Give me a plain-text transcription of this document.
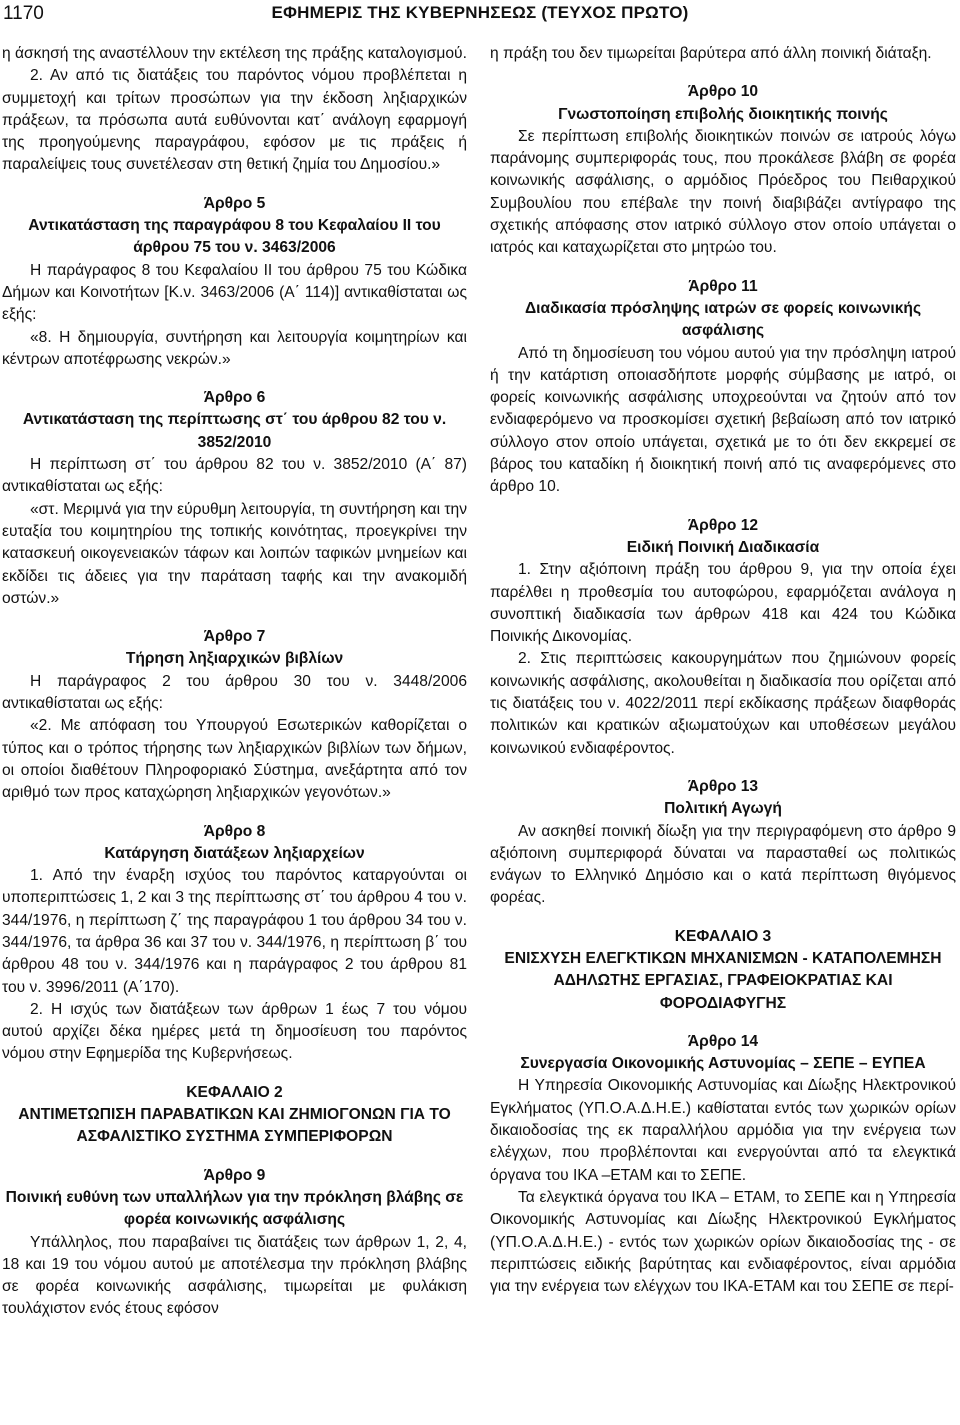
1170	ΕΦΗΜΕΡΙΣ ΤΗΣ ΚΥΒΕΡΝΗΣΕΩΣ (ΤΕΥΧΟΣ ΠΡΩΤΟ)

η άσκησή της αναστέλλουν την εκτέλεση της πράξης καταλογισμού.

2. Αν από τις διατάξεις του παρόντος νόμου προβλέπεται η συμμετοχή και τρίτων προσώπων για την έκδοση ληξιαρχικών πράξεων, τα πρόσωπα αυτά ευθύνονται κατ΄ ανάλογη εφαρμογή της προηγούμενης παραγράφου, εφόσον με τις πράξεις ή παραλείψεις τους συνετέλεσαν στη θετική ζημία του Δημοσίου.»

Άρθρο 5
Αντικατάσταση της παραγράφου 8 του Κεφαλαίου ΙΙ του άρθρου 75 του ν. 3463/2006

Η παράγραφος 8 του Κεφαλαίου ΙΙ του άρθρου 75 του Κώδικα Δήμων και Κοινοτήτων [Κ.ν. 3463/2006 (Α΄ 114)] αντικαθίσταται ως εξής:

«8. Η δημιουργία, συντήρηση και λειτουργία κοιμητηρίων και κέντρων αποτέφρωσης νεκρών.»

Άρθρο 6
Αντικατάσταση της περίπτωσης στ΄ του άρθρου 82 του ν. 3852/2010

Η περίπτωση στ΄ του άρθρου 82 του ν. 3852/2010 (Α΄ 87) αντικαθίσταται ως εξής:

«στ. Μεριμνά για την εύρυθμη λειτουργία, τη συντήρηση και την ευταξία του κοιμητηρίου της τοπικής κοινότητας, προεγκρίνει την κατασκευή οικογενειακών τάφων και λοιπών ταφικών μνημείων και εκδίδει τις άδειες για την παράταση ταφής και την ανακομιδή οστών.»

Άρθρο 7
Τήρηση ληξιαρχικών βιβλίων

Η παράγραφος 2 του άρθρου 30 του ν. 3448/2006 αντικαθίσταται ως εξής:

«2. Με απόφαση του Υπουργού Εσωτερικών καθορίζεται ο τύπος και ο τρόπος τήρησης των ληξιαρχικών βιβλίων των δήμων, οι οποίοι διαθέτουν Πληροφοριακό Σύστημα, ανεξάρτητα από τον αριθμό των προς καταχώρηση ληξιαρχικών γεγονότων.»

Άρθρο 8
Κατάργηση διατάξεων ληξιαρχείων

1. Από την έναρξη ισχύος του παρόντος καταργούνται οι υποπεριπτώσεις 1, 2 και 3 της περίπτωσης στ΄ του άρθρου 4 του ν. 344/1976, η περίπτωση ζ΄ της παραγράφου 1 του άρθρου 34 του ν. 344/1976, τα άρθρα 36 και 37 του ν. 344/1976, η περίπτωση β΄ του άρθρου 48 του ν. 344/1976 και η παράγραφος 2 του άρθρου 81 του ν. 3996/2011 (Α΄170).

2. Η ισχύς των διατάξεων των άρθρων 1 έως 7 του νόμου αυτού αρχίζει δέκα ημέρες μετά τη δημοσίευση του παρόντος νόμου στην Εφημερίδα της Κυβερνήσεως.

ΚΕΦΑΛΑΙΟ 2
ΑΝΤΙΜΕΤΩΠΙΣΗ ΠΑΡΑΒΑΤΙΚΩΝ ΚΑΙ ΖΗΜΙΟΓΟΝΩΝ ΓΙΑ ΤΟ ΑΣΦΑΛΙΣΤΙΚΟ ΣΥΣΤΗΜΑ ΣΥΜΠΕΡΙΦΟΡΩΝ
Άρθρο 9
Ποινική ευθύνη των υπαλλήλων για την πρόκληση βλάβης σε φορέα κοινωνικής ασφάλισης

Υπάλληλος, που παραβαίνει τις διατάξεις των άρθρων 1, 2, 4, 18 και 19 του νόμου αυτού με αποτέλεσμα την πρόκληση βλάβης σε φορέα κοινωνικής ασφάλισης, τιμωρείται με φυλάκιση τουλάχιστον ενός έτους εφόσον

η πράξη του δεν τιμωρείται βαρύτερα από άλλη ποινική διάταξη.

Άρθρο 10
Γνωστοποίηση επιβολής διοικητικής ποινής

Σε περίπτωση επιβολής διοικητικών ποινών σε ιατρούς λόγω παράνομης συμπεριφοράς τους, που προκάλεσε βλάβη σε φορέα κοινωνικής ασφάλισης, ο αρμόδιος Πρόεδρος του Πειθαρχικού Συμβουλίου που επέβαλε την ποινή διαβιβάζει αντίγραφο της σχετικής απόφασης στον ιατρικό σύλλογο στον οποίο υπάγεται ο ιατρός και καταχωρίζεται στο μητρώο του.

Άρθρο 11
Διαδικασία πρόσληψης ιατρών σε φορείς κοινωνικής ασφάλισης

Από τη δημοσίευση του νόμου αυτού για την πρόσληψη ιατρού ή την κατάρτιση οποιασδήποτε μορφής σύμβασης με ιατρό, οι φορείς κοινωνικής ασφάλισης υποχρεούνται να ζητούν από τον ενδιαφερόμενο να προσκομίσει σχετική βεβαίωση από τον ιατρικό σύλλογο στον οποίο υπάγεται, σχετικά με το ότι δεν εκκρεμεί σε βάρος του καταδίκη ή διοικητική ποινή από τις αναφερόμενες στο άρθρο 10.

Άρθρο 12
Ειδική Ποινική Διαδικασία

1. Στην αξιόποινη πράξη του άρθρου 9, για την οποία έχει παρέλθει η προθεσμία του αυτοφώρου, εφαρμόζεται ανάλογα η συνοπτική διαδικασία των άρθρων 418 και 424 του Κώδικα Ποινικής Δικονομίας.

2. Στις περιπτώσεις κακουργημάτων που ζημιώνουν φορείς κοινωνικής ασφάλισης, ακολουθείται η διαδικασία που ορίζεται από τις διατάξεις του ν. 4022/2011 περί εκδίκασης πράξεων διαφθοράς πολιτικών και κρατικών αξιωματούχων και υποθέσεων μεγάλου κοινωνικού ενδιαφέροντος.

Άρθρο 13
Πολιτική Αγωγή

Αν ασκηθεί ποινική δίωξη για την περιγραφόμενη στο άρθρο 9 αξιόποινη συμπεριφορά δύναται να παρασταθεί ως πολιτικώς ενάγων το Ελληνικό Δημόσιο και ο κατά περίπτωση θιγόμενος φορέας.

ΚΕΦΑΛΑΙΟ 3
ΕΝΙΣΧΥΣΗ ΕΛΕΓΚΤΙΚΩΝ ΜΗΧΑΝΙΣΜΩΝ - ΚΑΤΑΠΟΛΕΜΗΣΗ ΑΔΗΛΩΤΗΣ ΕΡΓΑΣΙΑΣ, ΓΡΑΦΕΙΟΚΡΑΤΙΑΣ ΚΑΙ ΦΟΡΟΔΙΑΦΥΓΗΣ
Άρθρο 14
Συνεργασία Οικονομικής Αστυνομίας – ΣΕΠΕ – ΕΥΠΕΑ

Η Υπηρεσία Οικονομικής Αστυνομίας και Δίωξης Ηλεκτρονικού Εγκλήματος (ΥΠ.Ο.Α.Δ.Η.Ε.) καθίσταται εντός των χωρικών ορίων δικαιοδοσίας της εκ παραλλήλου αρμόδια για την ενέργεια των ελέγχων, που προβλέπονται και ενεργούνται από τα ελεγκτικά όργανα του ΙΚΑ –ΕΤΑΜ και το ΣΕΠΕ.

Τα ελεγκτικά όργανα του ΙΚΑ – ΕΤΑΜ, το ΣΕΠΕ και η Υπηρεσία Οικονομικής Αστυνομίας και Δίωξης Ηλεκτρονικού Εγκλήματος (ΥΠ.Ο.Α.Δ.Η.Ε.) - εντός των χωρικών ορίων δικαιοδοσίας της - σε περιπτώσεις ειδικής βαρύτητας και ενδιαφέροντος, είναι αρμόδια για την ενέργεια των ελέγχων του ΙΚΑ-ΕΤΑΜ και του ΣΕΠΕ σε περί-
